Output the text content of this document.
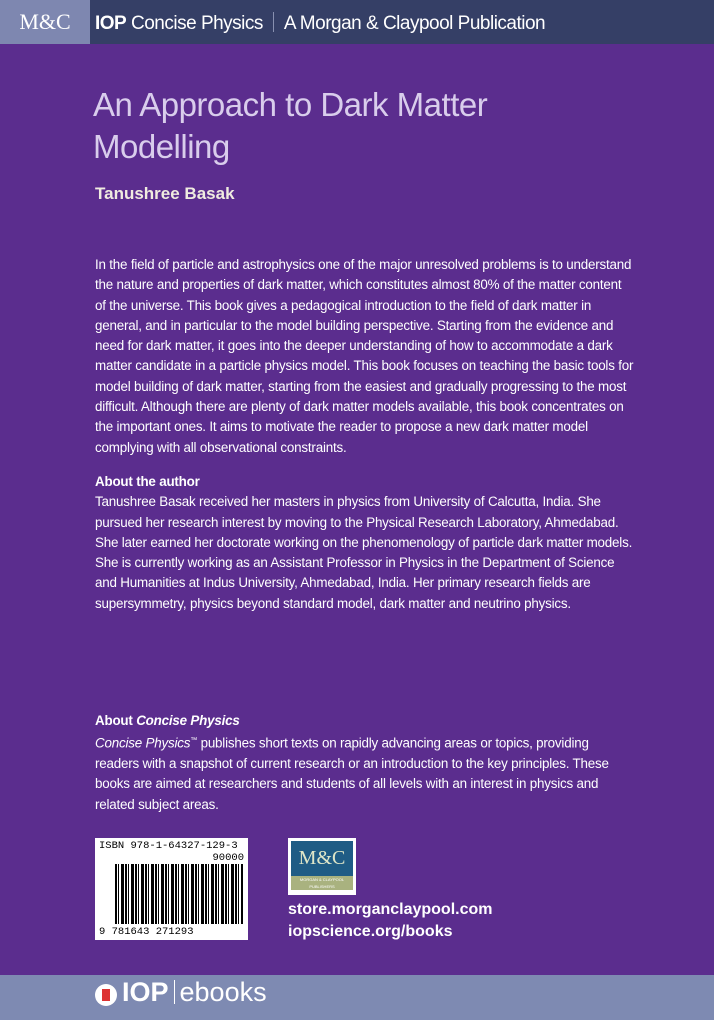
M&C	IOP Concise Physics A Morgan & Claypool Publication
An Approach to Dark Matter Modelling
Tanushree Basak
In the field of particle and astrophysics one of the major unresolved problems is to understand the nature and properties of dark matter, which constitutes almost 80% of the matter content of the universe. This book gives a pedagogical introduction to the field of dark matter in general, and in particular to the model building perspective. Starting from the evidence and need for dark matter, it goes into the deeper understanding of how to accommodate a dark matter candidate in a particle physics model. This book focuses on teaching the basic tools for model building of dark matter, starting from the easiest and gradually progressing to the most difficult. Although there are plenty of dark matter models available, this book concentrates on the important ones. It aims to motivate the reader to propose a new dark matter model complying with all observational constraints.
About the author
Tanushree Basak received her masters in physics from University of Calcutta, India. She pursued her research interest by moving to the Physical Research Laboratory, Ahmedabad. She later earned her doctorate working on the phenomenology of particle dark matter models. She is currently working as an Assistant Professor in Physics in the Department of Science and Humanities at Indus University, Ahmedabad, India. Her primary research fields are supersymmetry, physics beyond standard model, dark matter and neutrino physics.
About Concise Physics
Concise Physics™ publishes short texts on rapidly advancing areas or topics, providing readers with a snapshot of current research or an introduction to the key principles. These books are aimed at researchers and students of all levels with an interest in physics and related subject areas.
ISBN 978-1-64327-129-3
90000
9 781643 271293
M&C
MORGAN & CLAYPOOL PUBLISHERS
store.morganclaypool.com
iopscience.org/books
IOP ebooks
